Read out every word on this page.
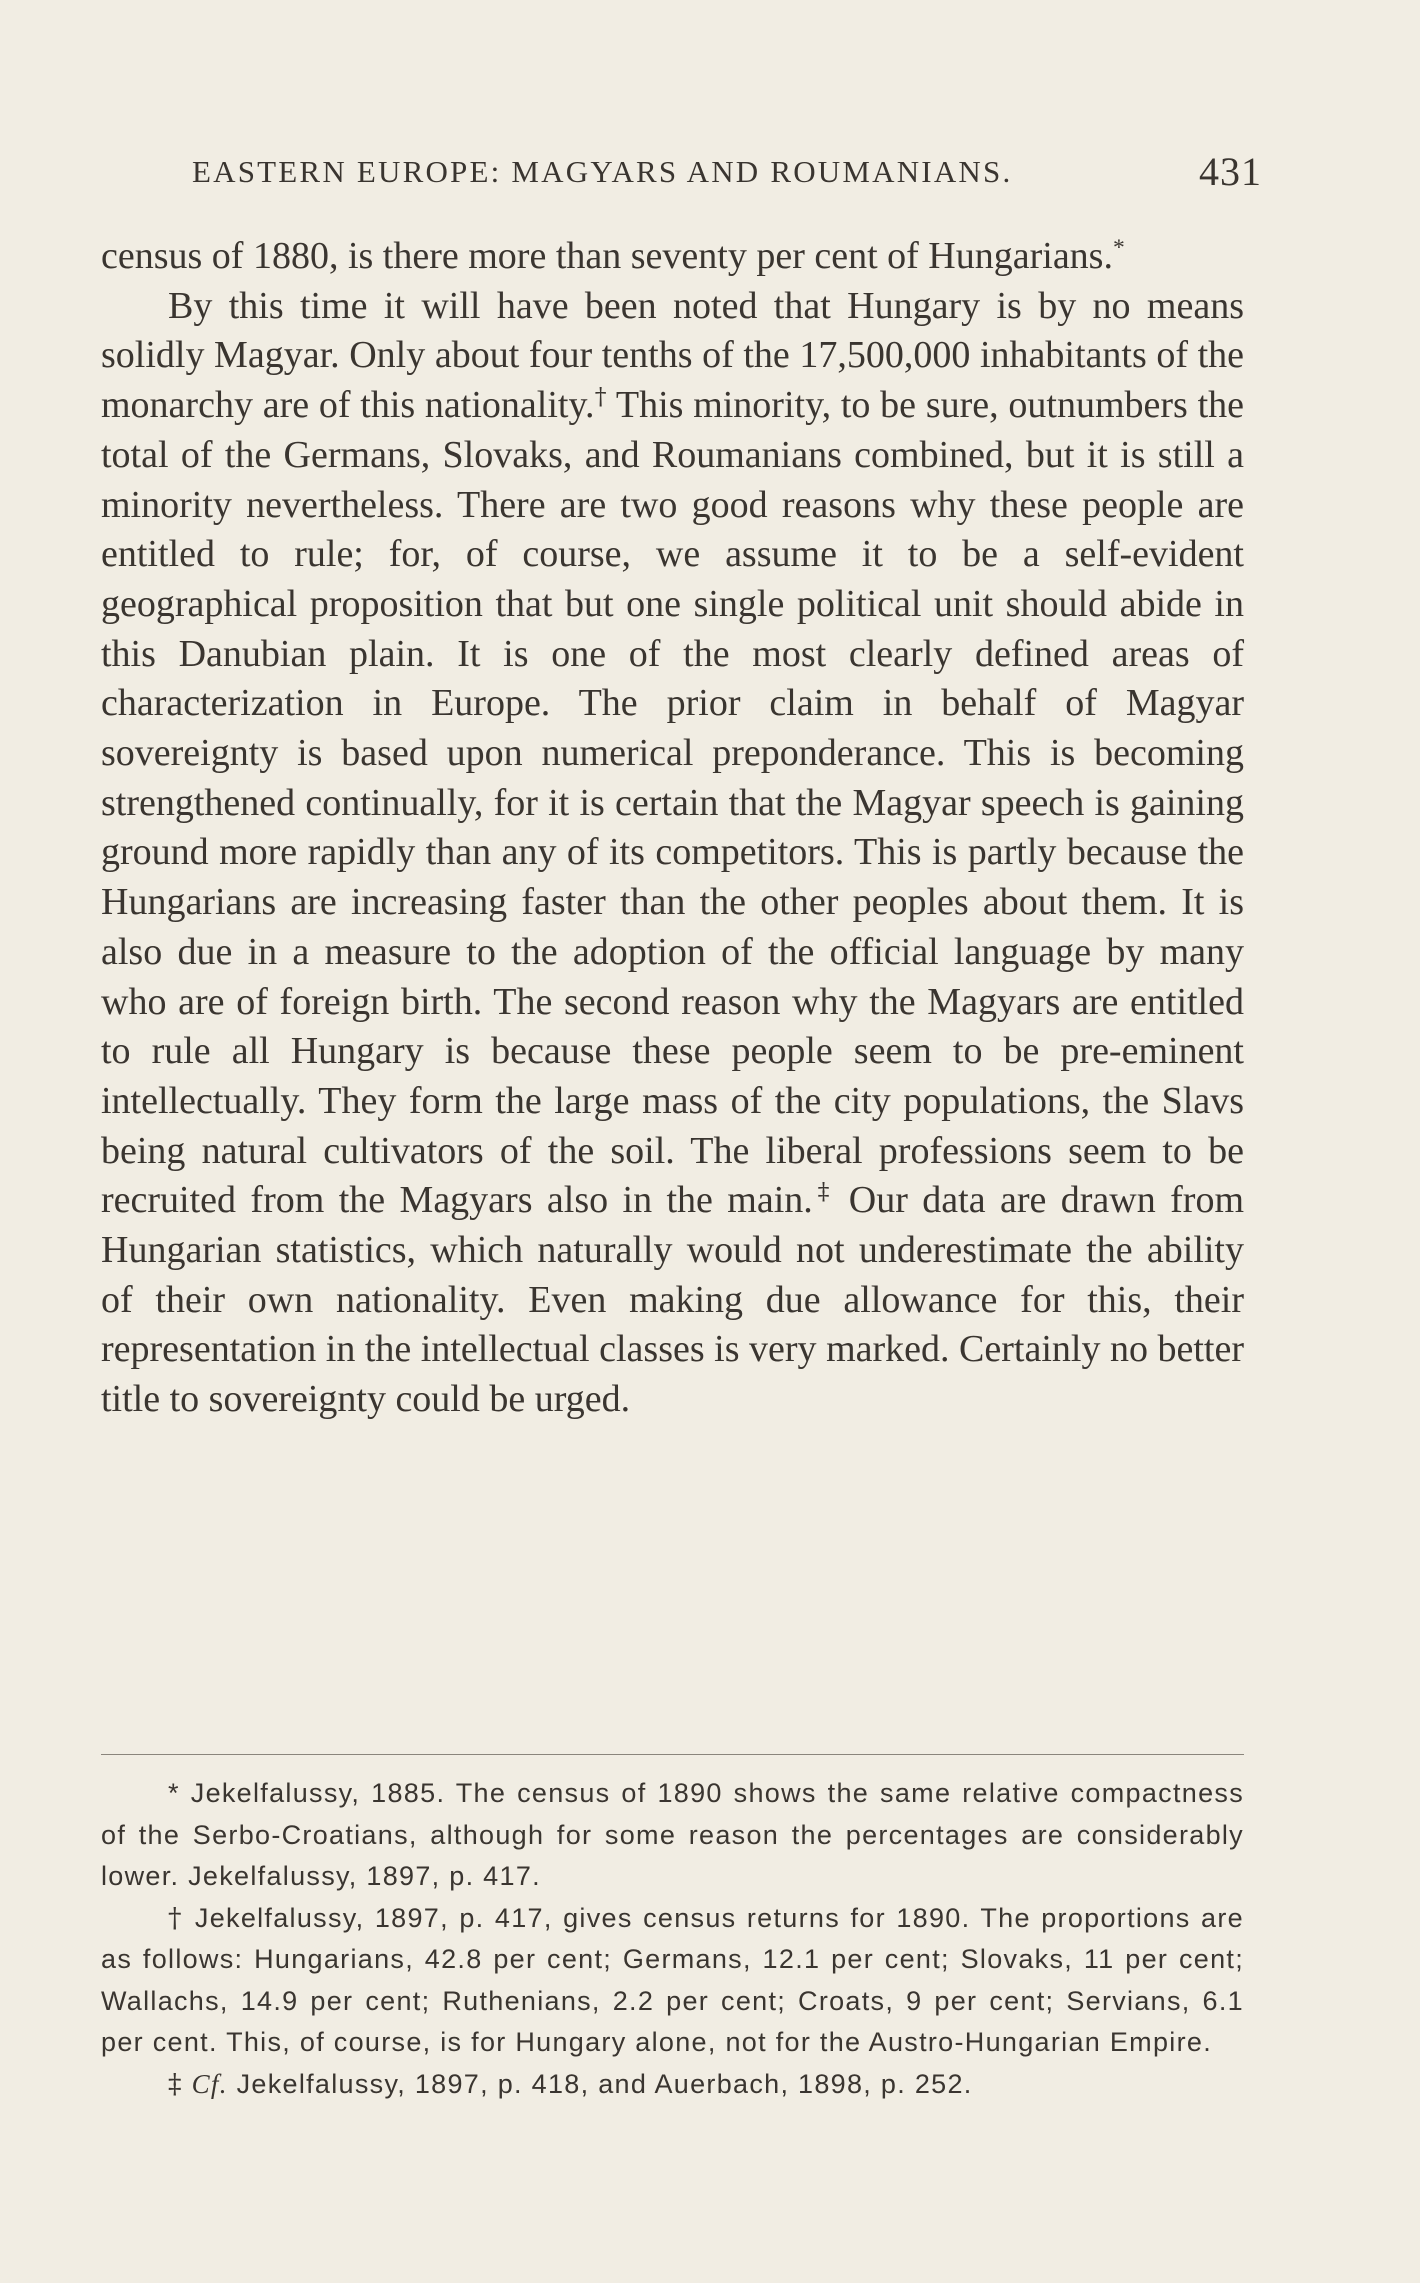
EASTERN EUROPE: MAGYARS AND ROUMANIANS.	431

census of 1880, is there more than seventy per cent of Hungarians.*

By this time it will have been noted that Hungary is by no means solidly Magyar. Only about four tenths of the 17,500,000 inhabitants of the monarchy are of this nationality.† This minority, to be sure, outnumbers the total of the Germans, Slovaks, and Roumanians combined, but it is still a minority nevertheless. There are two good reasons why these people are entitled to rule; for, of course, we assume it to be a self-evident geographical proposition that but one single political unit should abide in this Danubian plain. It is one of the most clearly defined areas of characterization in Europe. The prior claim in behalf of Magyar sovereignty is based upon numerical preponderance. This is becoming strengthened continually, for it is certain that the Magyar speech is gaining ground more rapidly than any of its competitors. This is partly because the Hungarians are increasing faster than the other peoples about them. It is also due in a measure to the adoption of the official language by many who are of foreign birth. The second reason why the Magyars are entitled to rule all Hungary is because these people seem to be pre-eminent intellectually. They form the large mass of the city populations, the Slavs being natural cultivators of the soil. The liberal professions seem to be recruited from the Magyars also in the main.‡ Our data are drawn from Hungarian statistics, which naturally would not underestimate the ability of their own nationality. Even making due allowance for this, their representation in the intellectual classes is very marked. Certainly no better title to sovereignty could be urged.

* Jekelfalussy, 1885. The census of 1890 shows the same relative compactness of the Serbo-Croatians, although for some reason the percentages are considerably lower. Jekelfalussy, 1897, p. 417.

† Jekelfalussy, 1897, p. 417, gives census returns for 1890. The proportions are as follows: Hungarians, 42.8 per cent; Germans, 12.1 per cent; Slovaks, 11 per cent; Wallachs, 14.9 per cent; Ruthenians, 2.2 per cent; Croats, 9 per cent; Servians, 6.1 per cent. This, of course, is for Hungary alone, not for the Austro-Hungarian Empire.

‡ Cf. Jekelfalussy, 1897, p. 418, and Auerbach, 1898, p. 252.
